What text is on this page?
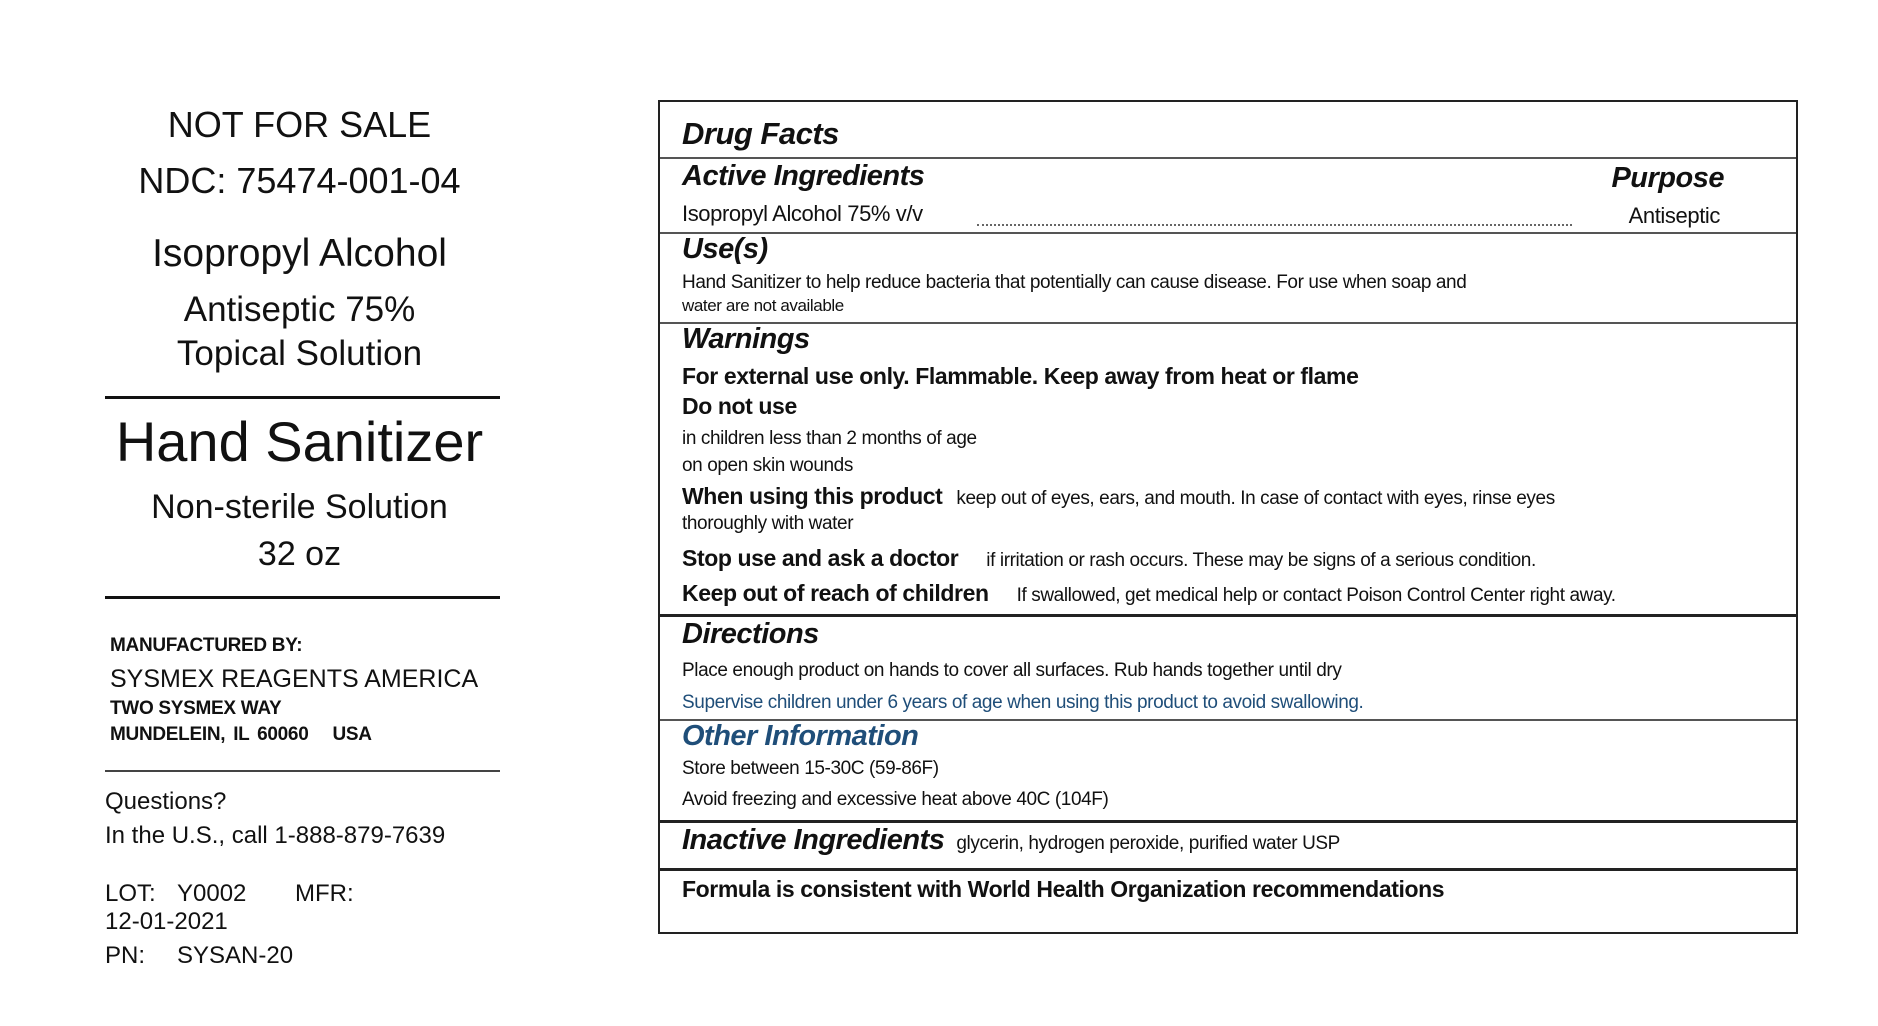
NOT FOR SALE
NDC: 75474-001-04
Isopropyl Alcohol
Antiseptic 75%
Topical Solution
Hand Sanitizer
Non-sterile Solution
32 oz
MANUFACTURED BY:
SYSMEX REAGENTS AMERICA
TWO SYSMEX WAY
MUNDELEIN, IL 60060 USA
Questions?
In the U.S., call 1-888-879-7639
LOT: Y0002 MFR:12-01-2021
PN: SYSAN-20
Drug Facts
Active Ingredients	Purpose
Isopropyl Alcohol 75% v/v	Antiseptic
Use(s)
Hand Sanitizer to help reduce bacteria that potentially can cause disease. For use when soap and
water are not available
Warnings
For external use only. Flammable. Keep away from heat or flame
Do not use
in children less than 2 months of age
on open skin wounds
When using this product keep out of eyes, ears, and mouth. In case of contact with eyes, rinse eyes
thoroughly with water
Stop use and ask a doctor if irritation or rash occurs. These may be signs of a serious condition.
Keep out of reach of children If swallowed, get medical help or contact Poison Control Center right away.
Directions
Place enough product on hands to cover all surfaces. Rub hands together until dry
Supervise children under 6 years of age when using this product to avoid swallowing.
Other Information
Store between 15-30C (59-86F)
Avoid freezing and excessive heat above 40C (104F)
Inactive Ingredients glycerin, hydrogen peroxide, purified water USP
Formula is consistent with World Health Organization recommendations
